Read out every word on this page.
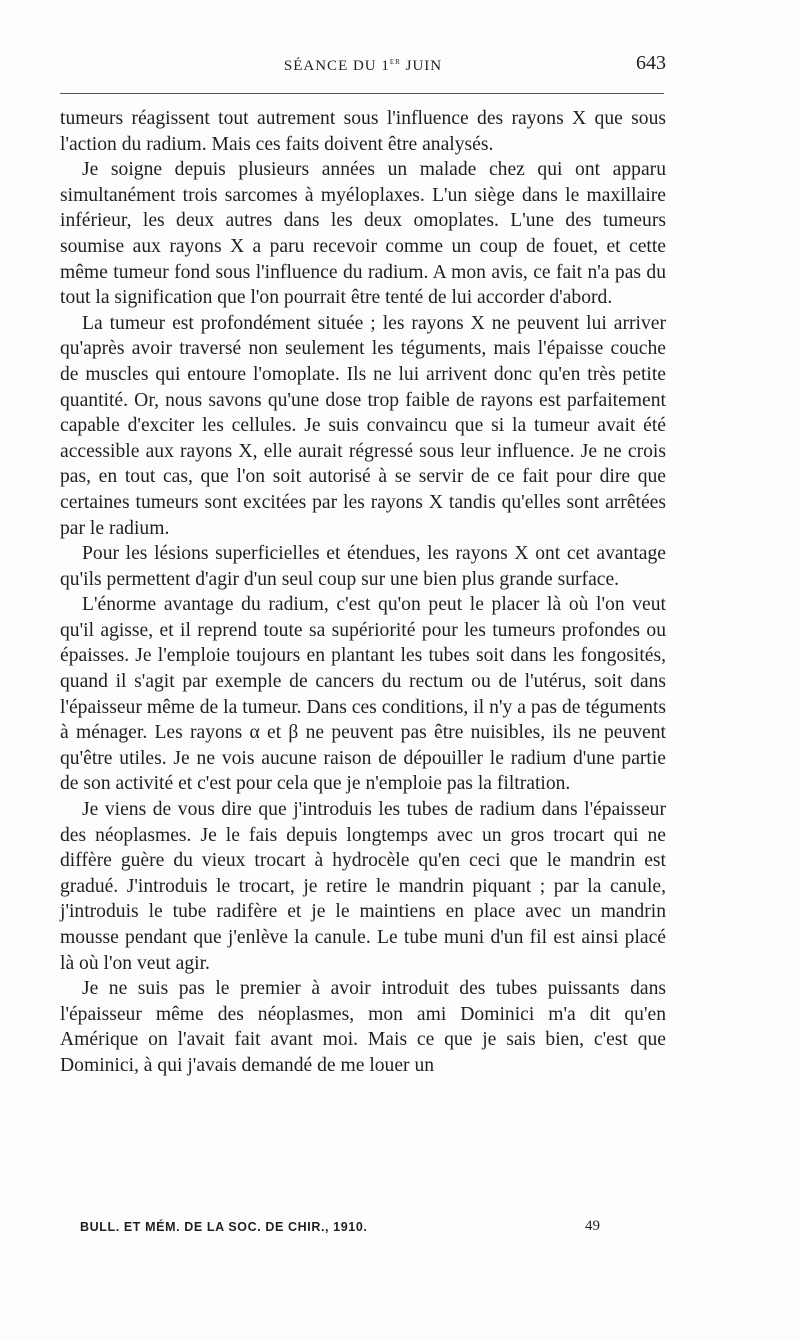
SÉANCE DU 1er JUIN	643

tumeurs réagissent tout autrement sous l'influence des rayons X que sous l'action du radium. Mais ces faits doivent être analysés.

Je soigne depuis plusieurs années un malade chez qui ont apparu simultanément trois sarcomes à myéloplaxes. L'un siège dans le maxillaire inférieur, les deux autres dans les deux omoplates. L'une des tumeurs soumise aux rayons X a paru recevoir comme un coup de fouet, et cette même tumeur fond sous l'influence du radium. A mon avis, ce fait n'a pas du tout la signification que l'on pourrait être tenté de lui accorder d'abord.

La tumeur est profondément située ; les rayons X ne peuvent lui arriver qu'après avoir traversé non seulement les téguments, mais l'épaisse couche de muscles qui entoure l'omoplate. Ils ne lui arrivent donc qu'en très petite quantité. Or, nous savons qu'une dose trop faible de rayons est parfaitement capable d'exciter les cellules. Je suis convaincu que si la tumeur avait été accessible aux rayons X, elle aurait régressé sous leur influence. Je ne crois pas, en tout cas, que l'on soit autorisé à se servir de ce fait pour dire que certaines tumeurs sont excitées par les rayons X tandis qu'elles sont arrêtées par le radium.

Pour les lésions superficielles et étendues, les rayons X ont cet avantage qu'ils permettent d'agir d'un seul coup sur une bien plus grande surface.

L'énorme avantage du radium, c'est qu'on peut le placer là où l'on veut qu'il agisse, et il reprend toute sa supériorité pour les tumeurs profondes ou épaisses. Je l'emploie toujours en plantant les tubes soit dans les fongosités, quand il s'agit par exemple de cancers du rectum ou de l'utérus, soit dans l'épaisseur même de la tumeur. Dans ces conditions, il n'y a pas de téguments à ménager. Les rayons α et β ne peuvent pas être nuisibles, ils ne peuvent qu'être utiles. Je ne vois aucune raison de dépouiller le radium d'une partie de son activité et c'est pour cela que je n'emploie pas la filtration.

Je viens de vous dire que j'introduis les tubes de radium dans l'épaisseur des néoplasmes. Je le fais depuis longtemps avec un gros trocart qui ne diffère guère du vieux trocart à hydrocèle qu'en ceci que le mandrin est gradué. J'introduis le trocart, je retire le mandrin piquant ; par la canule, j'introduis le tube radifère et je le maintiens en place avec un mandrin mousse pendant que j'enlève la canule. Le tube muni d'un fil est ainsi placé là où l'on veut agir.

Je ne suis pas le premier à avoir introduit des tubes puissants dans l'épaisseur même des néoplasmes, mon ami Dominici m'a dit qu'en Amérique on l'avait fait avant moi. Mais ce que je sais bien, c'est que Dominici, à qui j'avais demandé de me louer un

BULL. ET MÉM. DE LA SOC. DE CHIR., 1910.	49
